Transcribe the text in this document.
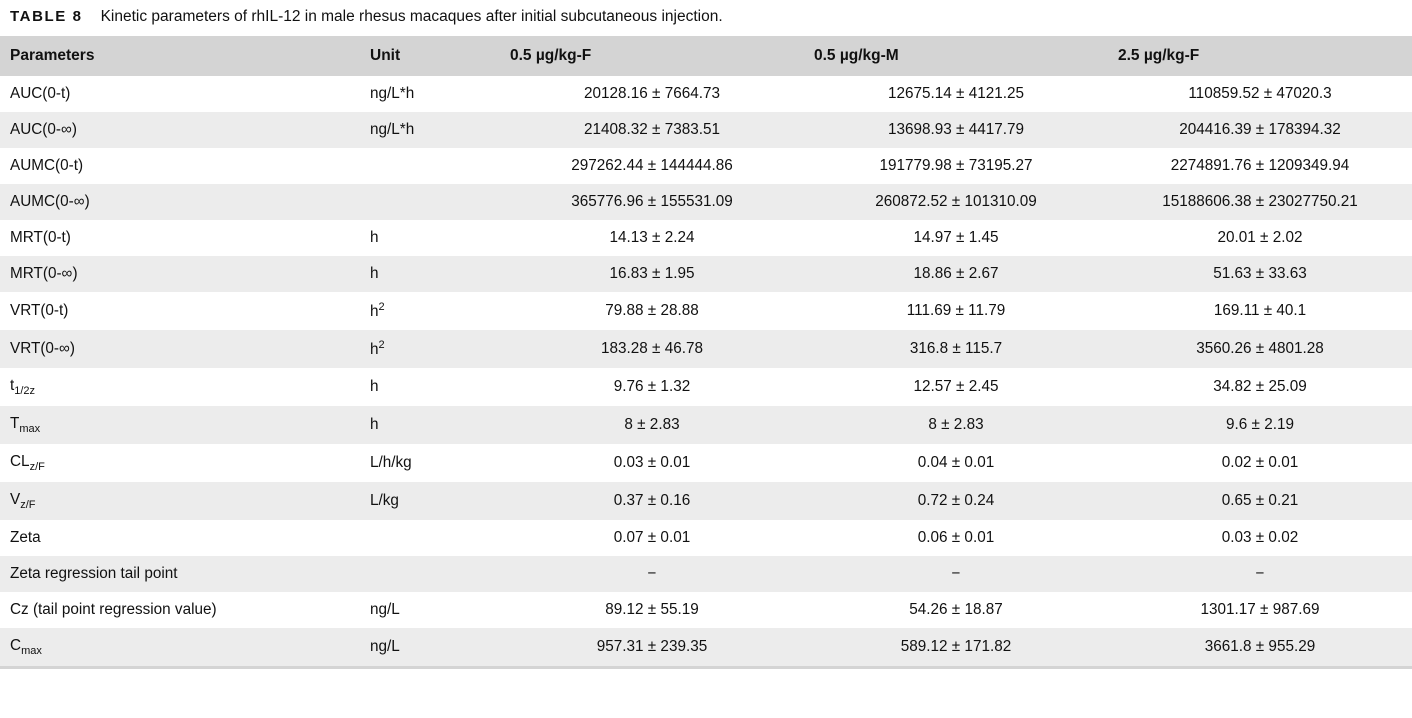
TABLE 8 Kinetic parameters of rhIL-12 in male rhesus macaques after initial subcutaneous injection.
Parameters	Unit	0.5 µg/kg-F	0.5 µg/kg-M	2.5 µg/kg-F
AUC(0-t)	ng/L*h	20128.16 ± 7664.73	12675.14 ± 4121.25	110859.52 ± 47020.3
AUC(0-∞)	ng/L*h	21408.32 ± 7383.51	13698.93 ± 4417.79	204416.39 ± 178394.32
AUMC(0-t)		297262.44 ± 144444.86	191779.98 ± 73195.27	2274891.76 ± 1209349.94
AUMC(0-∞)		365776.96 ± 155531.09	260872.52 ± 101310.09	15188606.38 ± 23027750.21
MRT(0-t)	h	14.13 ± 2.24	14.97 ± 1.45	20.01 ± 2.02
MRT(0-∞)	h	16.83 ± 1.95	18.86 ± 2.67	51.63 ± 33.63
VRT(0-t)	$h^2$	79.88 ± 28.88	111.69 ± 11.79	169.11 ± 40.1
VRT(0-∞)	$h^2$	183.28 ± 46.78	316.8 ± 115.7	3560.26 ± 4801.28
$t_{1/2z}$	h	9.76 ± 1.32	12.57 ± 2.45	34.82 ± 25.09
$T_{max}$	h	8 ± 2.83	8 ± 2.83	9.6 ± 2.19
$CL_{z/F}$	L/h/kg	0.03 ± 0.01	0.04 ± 0.01	0.02 ± 0.01
$V_{z/F}$	L/kg	0.37 ± 0.16	0.72 ± 0.24	0.65 ± 0.21
Zeta		0.07 ± 0.01	0.06 ± 0.01	0.03 ± 0.02
Zeta regression tail point		−	−	−
Cz (tail point regression value)	ng/L	89.12 ± 55.19	54.26 ± 18.87	1301.17 ± 987.69
$C_{max}$	ng/L	957.31 ± 239.35	589.12 ± 171.82	3661.8 ± 955.29
